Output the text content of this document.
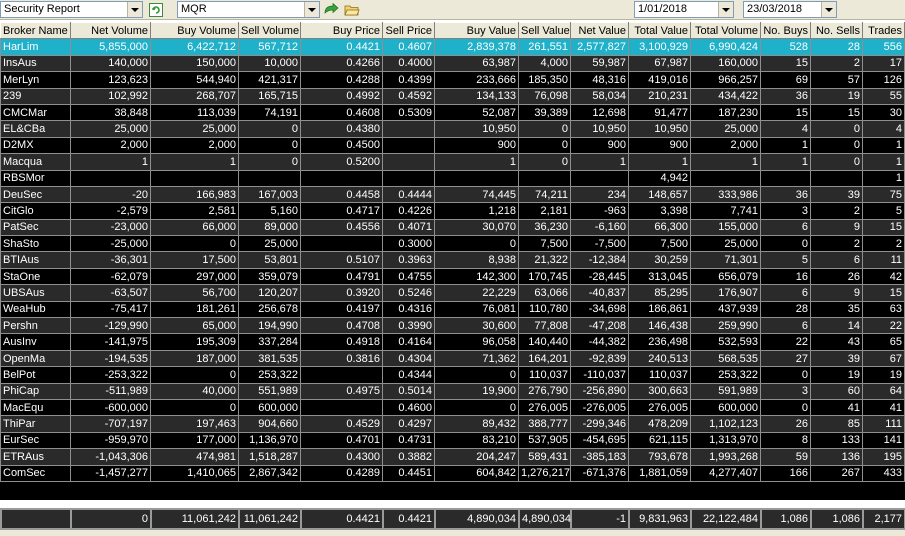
Security Report	MQR	1/01/2018	23/03/2018
Broker Name	Net Volume	Buy Volume	Sell Volume	Buy Price	Sell Price	Buy Value	Sell Value	Net Value	Total Value	Total Volume	No. Buys	No. Sells	Trades
HarLim	5,855,000	6,422,712	567,712	0.4421	0.4607	2,839,378	261,551	2,577,827	3,100,929	6,990,424	528	28	556
InsAus	140,000	150,000	10,000	0.4266	0.4000	63,987	4,000	59,987	67,987	160,000	15	2	17
MerLyn	123,623	544,940	421,317	0.4288	0.4399	233,666	185,350	48,316	419,016	966,257	69	57	126
239	102,992	268,707	165,715	0.4992	0.4592	134,133	76,098	58,034	210,231	434,422	36	19	55
CMCMar	38,848	113,039	74,191	0.4608	0.5309	52,087	39,389	12,698	91,477	187,230	15	15	30
EL&CBa	25,000	25,000	0	0.4380		10,950	0	10,950	10,950	25,000	4	0	4
D2MX	2,000	2,000	0	0.4500		900	0	900	900	2,000	1	0	1
Macqua	1	1	0	0.5200		1	0	1	1	1	1	0	1
RBSMor									4,942				1
DeuSec	-20	166,983	167,003	0.4458	0.4444	74,445	74,211	234	148,657	333,986	36	39	75
CitGlo	-2,579	2,581	5,160	0.4717	0.4226	1,218	2,181	-963	3,398	7,741	3	2	5
PatSec	-23,000	66,000	89,000	0.4556	0.4071	30,070	36,230	-6,160	66,300	155,000	6	9	15
ShaSto	-25,000	0	25,000		0.3000	0	7,500	-7,500	7,500	25,000	0	2	2
BTIAus	-36,301	17,500	53,801	0.5107	0.3963	8,938	21,322	-12,384	30,259	71,301	5	6	11
StaOne	-62,079	297,000	359,079	0.4791	0.4755	142,300	170,745	-28,445	313,045	656,079	16	26	42
UBSAus	-63,507	56,700	120,207	0.3920	0.5246	22,229	63,066	-40,837	85,295	176,907	6	9	15
WeaHub	-75,417	181,261	256,678	0.4197	0.4316	76,081	110,780	-34,698	186,861	437,939	28	35	63
Pershn	-129,990	65,000	194,990	0.4708	0.3990	30,600	77,808	-47,208	146,438	259,990	6	14	22
AusInv	-141,975	195,309	337,284	0.4918	0.4164	96,058	140,440	-44,382	236,498	532,593	22	43	65
OpenMa	-194,535	187,000	381,535	0.3816	0.4304	71,362	164,201	-92,839	240,513	568,535	27	39	67
BelPot	-253,322	0	253,322		0.4344	0	110,037	-110,037	110,037	253,322	0	19	19
PhiCap	-511,989	40,000	551,989	0.4975	0.5014	19,900	276,790	-256,890	300,663	591,989	3	60	64
MacEqu	-600,000	0	600,000		0.4600	0	276,005	-276,005	276,005	600,000	0	41	41
ThiPar	-707,197	197,463	904,660	0.4529	0.4297	89,432	388,777	-299,346	478,209	1,102,123	26	85	111
EurSec	-959,970	177,000	1,136,970	0.4701	0.4731	83,210	537,905	-454,695	621,115	1,313,970	8	133	141
ETRAus	-1,043,306	474,981	1,518,287	0.4300	0.3882	204,247	589,431	-385,183	793,678	1,993,268	59	136	195
ComSec	-1,457,277	1,410,065	2,867,342	0.4289	0.4451	604,842	1,276,217	-671,376	1,881,059	4,277,407	166	267	433
	0	11,061,242	11,061,242	0.4421	0.4421	4,890,034	4,890,034	-1	9,831,963	22,122,484	1,086	1,086	2,177
